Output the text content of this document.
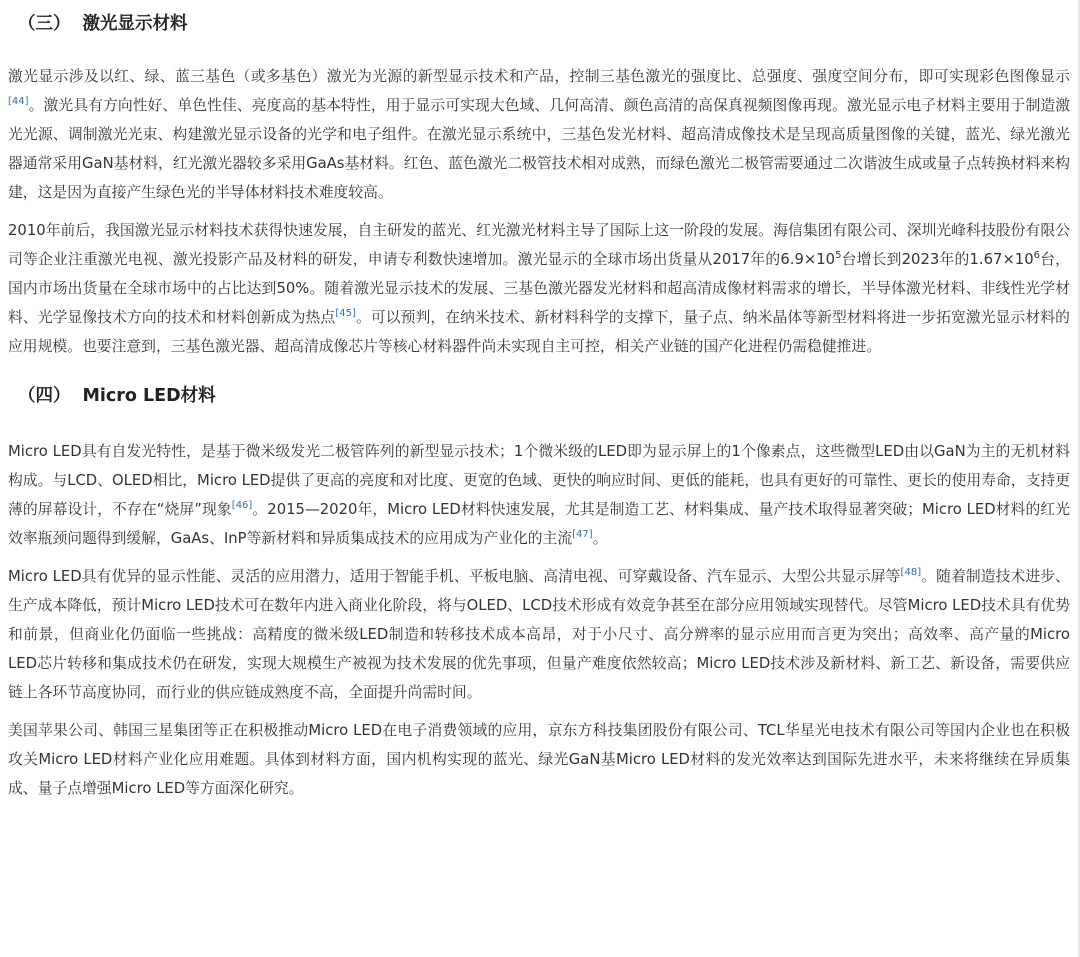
（三） 激光显示材料

激光显示涉及以红、绿、蓝三基色（或多基色）激光为光源的新型显示技术和产品，控制三基色激光的强度比、总强度、强度空间分布，即可实现彩色图像显示[44]。激光具有方向性好、单色性佳、亮度高的基本特性，用于显示可实现大色域、几何高清、颜色高清的高保真视频图像再现。激光显示电子材料主要用于制造激光光源、调制激光光束、构建激光显示设备的光学和电子组件。在激光显示系统中，三基色发光材料、超高清成像技术是呈现高质量图像的关键，蓝光、绿光激光器通常采用GaN基材料，红光激光器较多采用GaAs基材料。红色、蓝色激光二极管技术相对成熟，而绿色激光二极管需要通过二次谐波生成或量子点转换材料来构建，这是因为直接产生绿色光的半导体材料技术难度较高。

2010年前后，我国激光显示材料技术获得快速发展，自主研发的蓝光、红光激光材料主导了国际上这一阶段的发展。海信集团有限公司、深圳光峰科技股份有限公司等企业注重激光电视、激光投影产品及材料的研发，申请专利数快速增加。激光显示的全球市场出货量从2017年的$6.9\times 10^5$台增长到2023年的$1.67\times 10^6$台，国内市场出货量在全球市场中的占比达到50%。随着激光显示技术的发展、三基色激光器发光材料和超高清成像材料需求的增长，半导体激光材料、非线性光学材料、光学显像技术方向的技术和材料创新成为热点[45]。可以预判，在纳米技术、新材料科学的支撑下，量子点、纳米晶体等新型材料将进一步拓宽激光显示材料的应用规模。也要注意到，三基色激光器、超高清成像芯片等核心材料器件尚未实现自主可控，相关产业链的国产化进程仍需稳健推进。

（四） Micro LED材料

Micro LED具有自发光特性，是基于微米级发光二极管阵列的新型显示技术；1个微米级的LED即为显示屏上的1个像素点，这些微型LED由以GaN为主的无机材料构成。与LCD、OLED相比，Micro LED提供了更高的亮度和对比度、更宽的色域、更快的响应时间、更低的能耗，也具有更好的可靠性、更长的使用寿命，支持更薄的屏幕设计，不存在“烧屏”现象[46]。2015—2020年，Micro LED材料快速发展，尤其是制造工艺、材料集成、量产技术取得显著突破；Micro LED材料的红光效率瓶颈问题得到缓解，GaAs、InP等新材料和异质集成技术的应用成为产业化的主流[47]。

Micro LED具有优异的显示性能、灵活的应用潜力，适用于智能手机、平板电脑、高清电视、可穿戴设备、汽车显示、大型公共显示屏等[48]。随着制造技术进步、生产成本降低，预计Micro LED技术可在数年内进入商业化阶段，将与OLED、LCD技术形成有效竞争甚至在部分应用领域实现替代。尽管Micro LED技术具有优势和前景，但商业化仍面临一些挑战：高精度的微米级LED制造和转移技术成本高昂，对于小尺寸、高分辨率的显示应用而言更为突出；高效率、高产量的Micro LED芯片转移和集成技术仍在研发，实现大规模生产被视为技术发展的优先事项，但量产难度依然较高；Micro LED技术涉及新材料、新工艺、新设备，需要供应链上各环节高度协同，而行业的供应链成熟度不高，全面提升尚需时间。

美国苹果公司、韩国三星集团等正在积极推动Micro LED在电子消费领域的应用，京东方科技集团股份有限公司、TCL华星光电技术有限公司等国内企业也在积极攻关Micro LED材料产业化应用难题。具体到材料方面，国内机构实现的蓝光、绿光GaN基Micro LED材料的发光效率达到国际先进水平，未来将继续在异质集成、量子点增强Micro LED等方面深化研究。
